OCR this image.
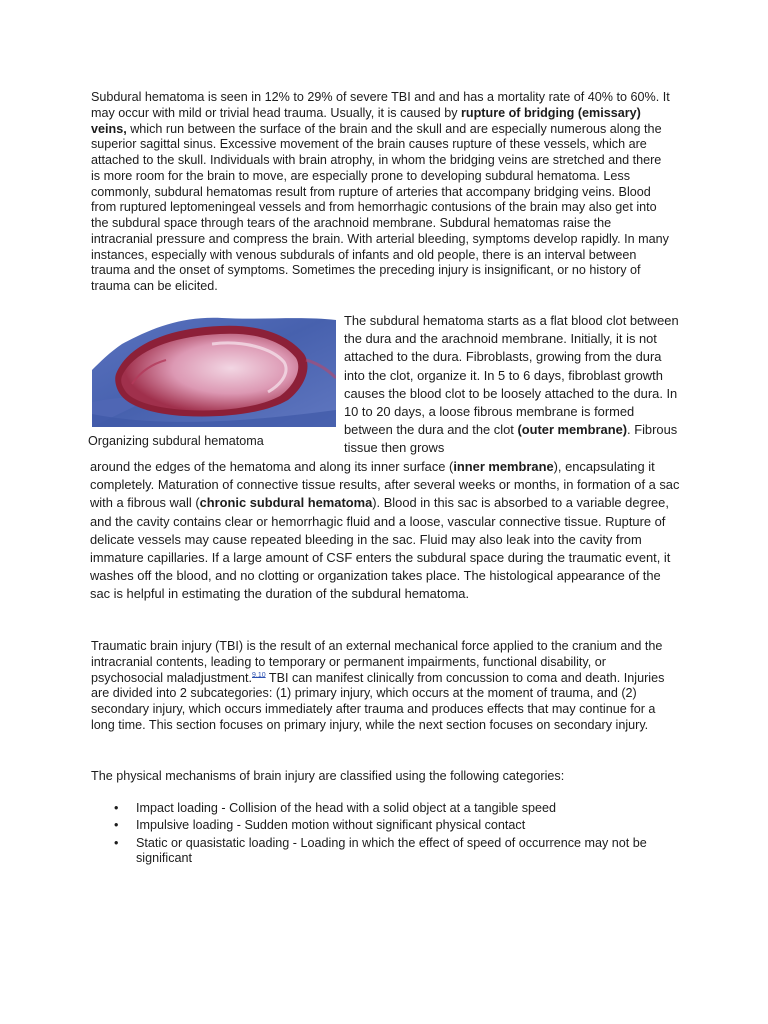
Subdural hematoma is seen in 12% to 29% of severe TBI and and has a mortality rate of 40% to 60%. It may occur with mild or trivial head trauma. Usually, it is caused by rupture of bridging (emissary) veins, which run between the surface of the brain and the skull and are especially numerous along the superior sagittal sinus. Excessive movement of the brain causes rupture of these vessels, which are attached to the skull. Individuals with brain atrophy, in whom the bridging veins are stretched and there is more room for the brain to move, are especially prone to developing subdural hematoma. Less commonly, subdural hematomas result from rupture of arteries that accompany bridging veins. Blood from ruptured leptomeningeal vessels and from hemorrhagic contusions of the brain may also get into the subdural space through tears of the arachnoid membrane. Subdural hematomas raise the intracranial pressure and compress the brain. With arterial bleeding, symptoms develop rapidly. In many instances, especially with venous subdurals of infants and old people, there is an interval between trauma and the onset of symptoms. Sometimes the preceding injury is insignificant, or no history of trauma can be elicited.

Organizing subdural hematoma

The subdural hematoma starts as a flat blood clot between the dura and the arachnoid membrane. Initially, it is not attached to the dura. Fibroblasts, growing from the dura into the clot, organize it. In 5 to 6 days, fibroblast growth causes the blood clot to be loosely attached to the dura. In 10 to 20 days, a loose fibrous membrane is formed between the dura and the clot (outer membrane). Fibrous tissue then grows

around the edges of the hematoma and along its inner surface (inner membrane), encapsulating it completely. Maturation of connective tissue results, after several weeks or months, in formation of a sac with a fibrous wall (chronic subdural hematoma). Blood in this sac is absorbed to a variable degree, and the cavity contains clear or hemorrhagic fluid and a loose, vascular connective tissue. Rupture of delicate vessels may cause repeated bleeding in the sac. Fluid may also leak into the cavity from immature capillaries. If a large amount of CSF enters the subdural space during the traumatic event, it washes off the blood, and no clotting or organization takes place. The histological appearance of the sac is helpful in estimating the duration of the subdural hematoma.

Traumatic brain injury (TBI) is the result of an external mechanical force applied to the cranium and the intracranial contents, leading to temporary or permanent impairments, functional disability, or psychosocial maladjustment.$^{9,10}$ TBI can manifest clinically from concussion to coma and death. Injuries are divided into 2 subcategories: (1) primary injury, which occurs at the moment of trauma, and (2) secondary injury, which occurs immediately after trauma and produces effects that may continue for a long time. This section focuses on primary injury, while the next section focuses on secondary injury.

The physical mechanisms of brain injury are classified using the following categories:

• Impact loading - Collision of the head with a solid object at a tangible speed
• Impulsive loading - Sudden motion without significant physical contact
• Static or quasistatic loading - Loading in which the effect of speed of occurrence may not be significant
